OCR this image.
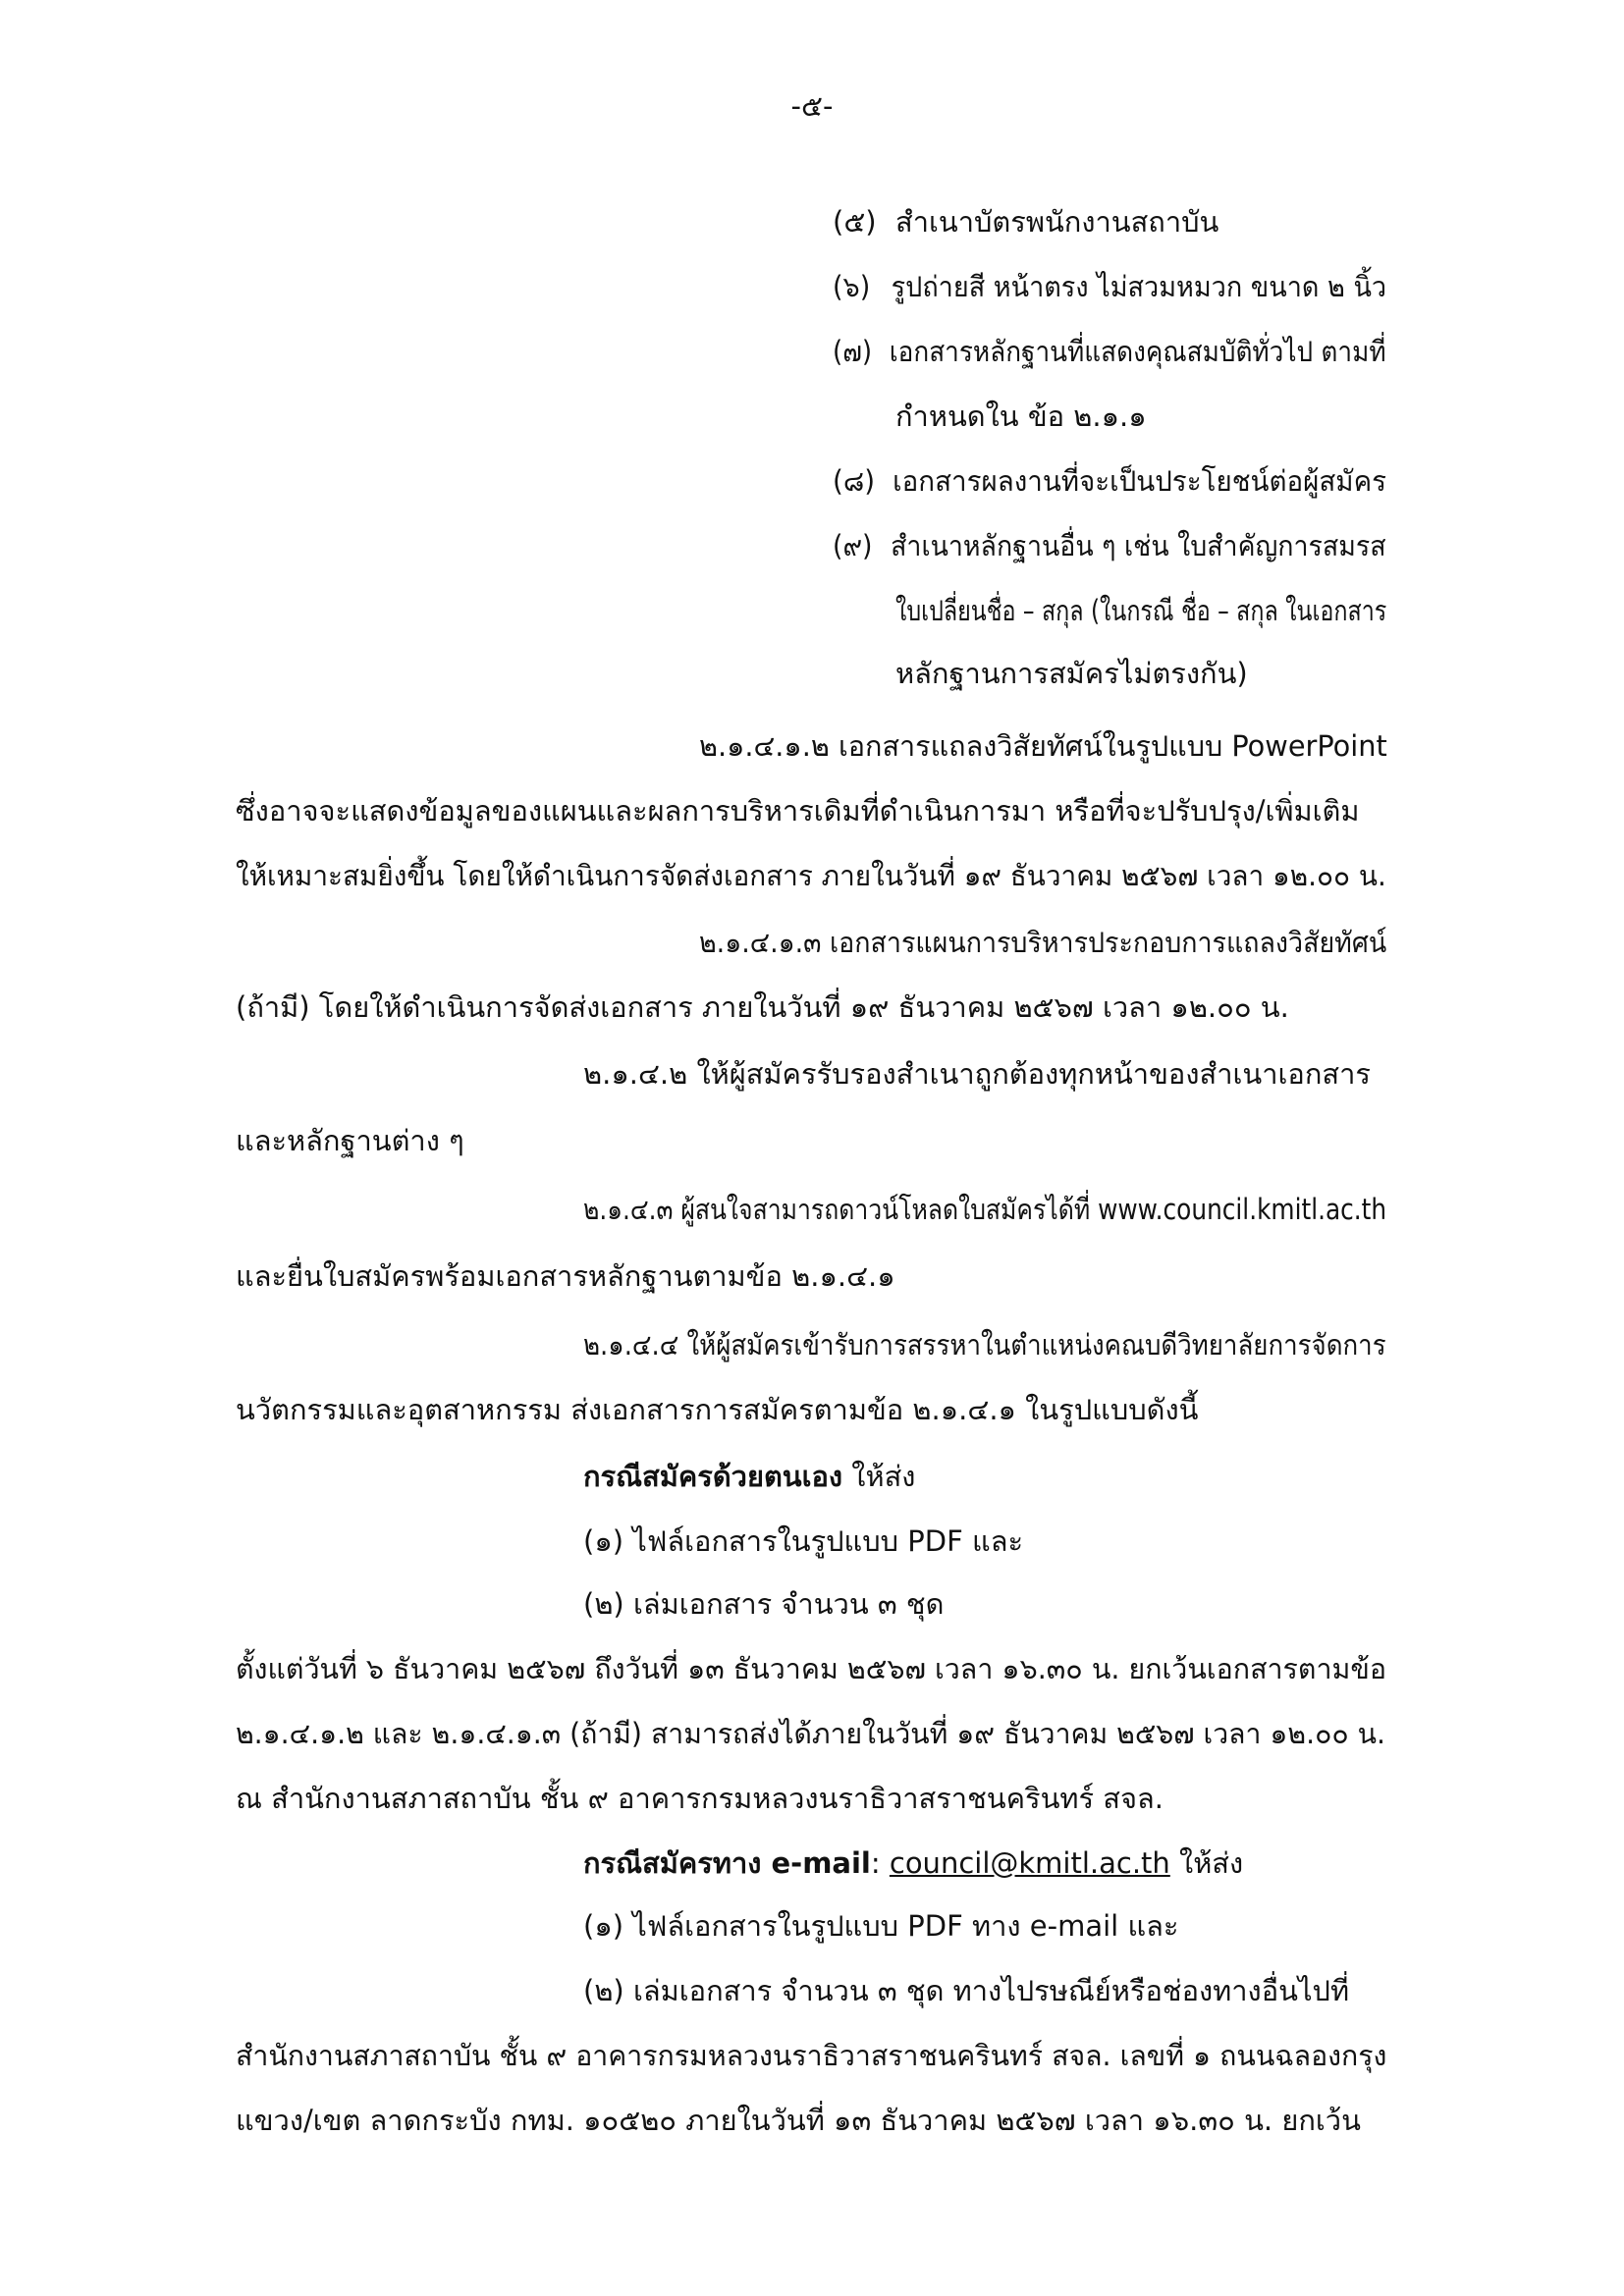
-๕-
(๕) สำเนาบัตรพนักงานสถาบัน
(๖) รูปถ่ายสี หน้าตรง ไม่สวมหมวก ขนาด ๒ นิ้ว
(๗) เอกสารหลักฐานที่แสดงคุณสมบัติทั่วไป ตามที่
กำหนดใน ข้อ ๒.๑.๑
(๘) เอกสารผลงานที่จะเป็นประโยชน์ต่อผู้สมัคร
(๙) สำเนาหลักฐานอื่น ๆ เช่น ใบสำคัญการสมรส
ใบเปลี่ยนชื่อ – สกุล (ในกรณี ชื่อ – สกุล ในเอกสาร
หลักฐานการสมัครไม่ตรงกัน)
๒.๑.๔.๑.๒ เอกสารแถลงวิสัยทัศน์ในรูปแบบ PowerPoint
ซึ่งอาจจะแสดงข้อมูลของแผนและผลการบริหารเดิมที่ดำเนินการมา หรือที่จะปรับปรุง/เพิ่มเติม
ให้เหมาะสมยิ่งขึ้น โดยให้ดำเนินการจัดส่งเอกสาร ภายในวันที่ ๑๙ ธันวาคม ๒๕๖๗ เวลา ๑๒.๐๐ น.
๒.๑.๔.๑.๓ เอกสารแผนการบริหารประกอบการแถลงวิสัยทัศน์
(ถ้ามี) โดยให้ดำเนินการจัดส่งเอกสาร ภายในวันที่ ๑๙ ธันวาคม ๒๕๖๗ เวลา ๑๒.๐๐ น.
๒.๑.๔.๒ ให้ผู้สมัครรับรองสำเนาถูกต้องทุกหน้าของสำเนาเอกสาร
และหลักฐานต่าง ๆ
๒.๑.๔.๓ ผู้สนใจสามารถดาวน์โหลดใบสมัครได้ที่ www.council.kmitl.ac.th
และยื่นใบสมัครพร้อมเอกสารหลักฐานตามข้อ ๒.๑.๔.๑
๒.๑.๔.๔ ให้ผู้สมัครเข้ารับการสรรหาในตำแหน่งคณบดีวิทยาลัยการจัดการ
นวัตกรรมและอุตสาหกรรม ส่งเอกสารการสมัครตามข้อ ๒.๑.๔.๑ ในรูปแบบดังนี้
กรณีสมัครด้วยตนเอง ให้ส่ง
(๑) ไฟล์เอกสารในรูปแบบ PDF และ
(๒) เล่มเอกสาร จำนวน ๓ ชุด
ตั้งแต่วันที่ ๖ ธันวาคม ๒๕๖๗ ถึงวันที่ ๑๓ ธันวาคม ๒๕๖๗ เวลา ๑๖.๓๐ น. ยกเว้นเอกสารตามข้อ
๒.๑.๔.๑.๒ และ ๒.๑.๔.๑.๓ (ถ้ามี) สามารถส่งได้ภายในวันที่ ๑๙ ธันวาคม ๒๕๖๗ เวลา ๑๒.๐๐ น.
ณ สำนักงานสภาสถาบัน ชั้น ๙ อาคารกรมหลวงนราธิวาสราชนครินทร์ สจล.
กรณีสมัครทาง e-mail: council@kmitl.ac.th ให้ส่ง
(๑) ไฟล์เอกสารในรูปแบบ PDF ทาง e-mail และ
(๒) เล่มเอกสาร จำนวน ๓ ชุด ทางไปรษณีย์หรือช่องทางอื่นไปที่
สำนักงานสภาสถาบัน ชั้น ๙ อาคารกรมหลวงนราธิวาสราชนครินทร์ สจล. เลขที่ ๑ ถนนฉลองกรุง
แขวง/เขต ลาดกระบัง กทม. ๑๐๕๒๐ ภายในวันที่ ๑๓ ธันวาคม ๒๕๖๗ เวลา ๑๖.๓๐ น. ยกเว้น
